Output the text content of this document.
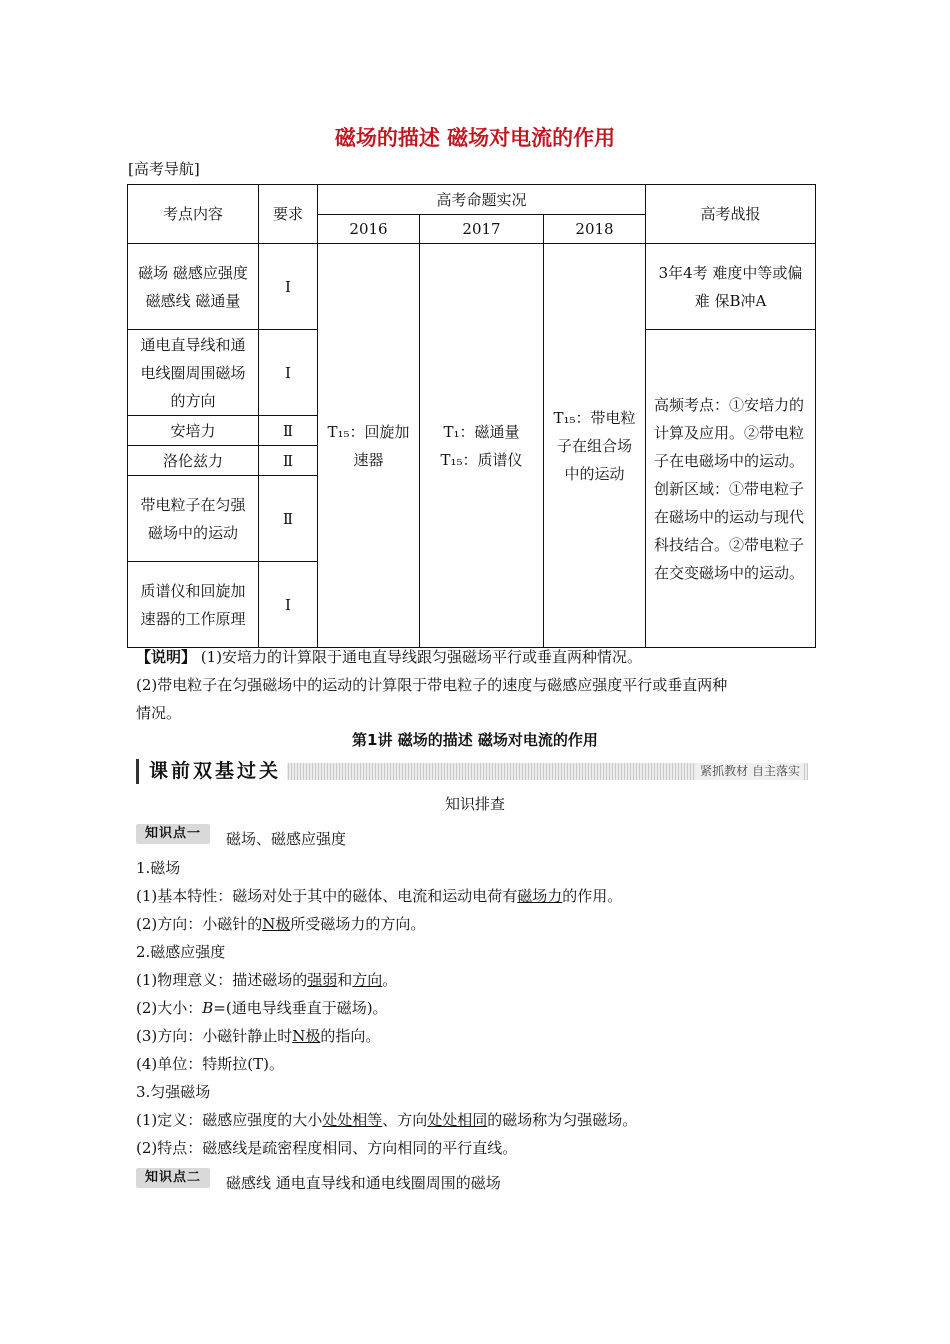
磁场的描述 磁场对电流的作用
[高考导航]
考点内容	要求	高考命题实况			高考战报
		2016	2017	2018	
磁场 磁感应强度 磁感线 磁通量	Ⅰ	T₁₅：回旋加速器	T₁：磁通量 T₁₅：质谱仪	T₁₅：带电粒子在组合场中的运动	3年4考 难度中等或偏难 保B冲A
通电直导线和通电线圈周围磁场的方向	Ⅰ				高频考点：①安培力的计算及应用。②带电粒子在电磁场中的运动。创新区域：①带电粒子在磁场中的运动与现代科技结合。②带电粒子在交变磁场中的运动。
安培力	Ⅱ				
洛伦兹力	Ⅱ				
带电粒子在匀强磁场中的运动	Ⅱ				
质谱仪和回旋加速器的工作原理	Ⅰ				
【说明】 (1)安培力的计算限于通电直导线跟匀强磁场平行或垂直两种情况。
(2)带电粒子在匀强磁场中的运动的计算限于带电粒子的速度与磁感应强度平行或垂直两种
情况。
第1讲 磁场的描述 磁场对电流的作用
课前双基过关	紧抓教材 自主落实
知识排查
知识点一	磁场、磁感应强度
1.磁场
(1)基本特性：磁场对处于其中的磁体、电流和运动电荷有磁场力的作用。
(2)方向：小磁针的N极所受磁场力的方向。
2.磁感应强度
(1)物理意义：描述磁场的强弱和方向。
(2)大小：B=(通电导线垂直于磁场)。
(3)方向：小磁针静止时N极的指向。
(4)单位：特斯拉(T)。
3.匀强磁场
(1)定义：磁感应强度的大小处处相等、方向处处相同的磁场称为匀强磁场。
(2)特点：磁感线是疏密程度相同、方向相同的平行直线。
知识点二	磁感线 通电直导线和通电线圈周围的磁场
